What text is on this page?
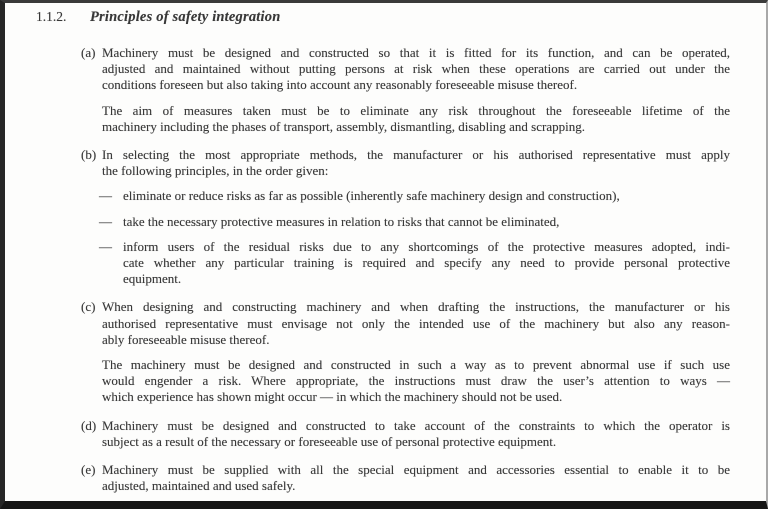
1.1.2.	Principles of safety integration
(a) Machinery must be designed and constructed so that it is fitted for its function, and can be operated,
adjusted and maintained without putting persons at risk when these operations are carried out under the
conditions foreseen but also taking into account any reasonably foreseeable misuse thereof.
The aim of measures taken must be to eliminate any risk throughout the foreseeable lifetime of the
machinery including the phases of transport, assembly, dismantling, disabling and scrapping.
(b) In selecting the most appropriate methods, the manufacturer or his authorised representative must apply
the following principles, in the order given:
— eliminate or reduce risks as far as possible (inherently safe machinery design and construction),
— take the necessary protective measures in relation to risks that cannot be eliminated,
— inform users of the residual risks due to any shortcomings of the protective measures adopted, indi-
cate whether any particular training is required and specify any need to provide personal protective
equipment.
(c) When designing and constructing machinery and when drafting the instructions, the manufacturer or his
authorised representative must envisage not only the intended use of the machinery but also any reason-
ably foreseeable misuse thereof.
The machinery must be designed and constructed in such a way as to prevent abnormal use if such use
would engender a risk. Where appropriate, the instructions must draw the user’s attention to ways —
which experience has shown might occur — in which the machinery should not be used.
(d) Machinery must be designed and constructed to take account of the constraints to which the operator is
subject as a result of the necessary or foreseeable use of personal protective equipment.
(e) Machinery must be supplied with all the special equipment and accessories essential to enable it to be
adjusted, maintained and used safely.
